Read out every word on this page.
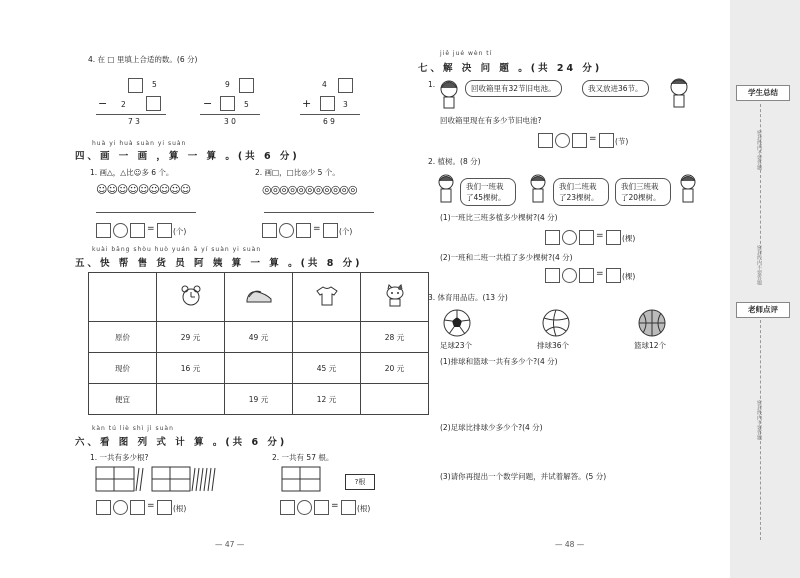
4. 在 □ 里填上合适的数。(6 分)
5
− 2
7 3
9
−	5
3 0
4
+	3
6 9
huà yi huà suàn yi suàn
四、画 一 画 ，算 一 算 。(共 6 分)
1. 画△，△比☺多 6 个。	2. 画□，□比◎少 5 个。
☺☺☺☺☺☺☺☺☺	◎◎◎◎◎◎◎◎◎◎◎
= (个)	= (个)
kuài bāng shòu huò yuán ā yí suàn yi suàn
五、快 帮 售 货 员 阿 姨 算 一 算 。(共 8 分)

原价	29 元	49 元		28 元
现价	16 元		45 元	20 元
便宜		19 元	12 元	
kàn tú liè shì jì suàn
六、看 图 列 式 计 算 。(共 6 分)
1. 一共有多少根?	2. 一共有 57 根。
?根
= (根)	= (根)
— 47 —
jiě jué wèn tí
七、解 决 问 题 。(共 24 分)
1.	回收箱里有32节旧电池。	我又放进36节。
回收箱里现在有多少节旧电池?
= (节)
2. 植树。(8 分)
我们一班栽了45棵树。
我们二班栽了23棵树。
我们三班栽了20棵树。
(1)一班比三班多植多少棵树?(4 分)
= (棵)
(2)一班和二班一共植了多少棵树?(4 分)
= (棵)
3. 体育用品店。(13 分)
足球23个	排球36个	篮球12个
(1)排球和篮球一共有多少个?(4 分)
(2)足球比排球少多少个?(4 分)
(3)请你再提出一个数学问题，并试着解答。(5 分)
— 48 —
学生总结
密封线内不要答题
老师点评
密封线内不要答题
密封线内不要答题
